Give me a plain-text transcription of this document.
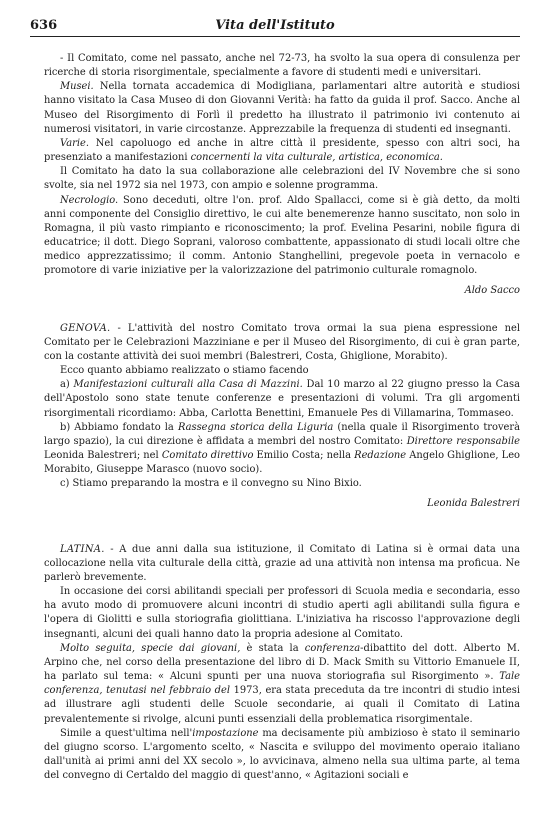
636	Vita dell'Istituto

- Il Comitato, come nel passato, anche nel 72-73, ha svolto la sua opera di consulenza per ricerche di storia risorgimentale, specialmente a favore di studenti medi e universitari.

Musei. Nella tornata accademica di Modigliana, parlamentari altre autorità e studiosi hanno visitato la Casa Museo di don Giovanni Verità: ha fatto da guida il prof. Sacco. Anche al Museo del Risorgimento di Forlì il predetto ha illustrato il patrimonio ivi contenuto ai numerosi visitatori, in varie circostanze. Apprezzabile la frequenza di studenti ed insegnanti.

Varie. Nel capoluogo ed anche in altre città il presidente, spesso con altri soci, ha presenziato a manifestazioni concernenti la vita culturale, artistica, economica.

Il Comitato ha dato la sua collaborazione alle celebrazioni del IV Novembre che si sono svolte, sia nel 1972 sia nel 1973, con ampio e solenne programma.

Necrologio. Sono deceduti, oltre l'on. prof. Aldo Spallacci, come si è già detto, da molti anni componente del Consiglio direttivo, le cui alte benemerenze hanno suscitato, non solo in Romagna, il più vasto rimpianto e riconoscimento; la prof. Evelina Pesarini, nobile figura di educatrice; il dott. Diego Soprani, valoroso combattente, appassionato di studi locali oltre che medico apprezzatissimo; il comm. Antonio Stanghellini, pregevole poeta in vernacolo e promotore di varie iniziative per la valorizzazione del patrimonio culturale romagnolo.

Aldo Sacco

GENOVA. - L'attività del nostro Comitato trova ormai la sua piena espressione nel Comitato per le Celebrazioni Mazziniane e per il Museo del Risorgimento, di cui è gran parte, con la costante attività dei suoi membri (Balestreri, Costa, Ghiglione, Morabito).

Ecco quanto abbiamo realizzato o stiamo facendo

a) Manifestazioni culturali alla Casa di Mazzini. Dal 10 marzo al 22 giugno presso la Casa dell'Apostolo sono state tenute conferenze e presentazioni di volumi. Tra gli argomenti risorgimentali ricordiamo: Abba, Carlotta Benettini, Emanuele Pes di Villamarina, Tommaseo.

b) Abbiamo fondato la Rassegna storica della Liguria (nella quale il Risorgimento troverà largo spazio), la cui direzione è affidata a membri del nostro Comitato: Direttore responsabile Leonida Balestreri; nel Comitato direttivo Emilio Costa; nella Redazione Angelo Ghiglione, Leo Morabito, Giuseppe Marasco (nuovo socio).

c) Stiamo preparando la mostra e il convegno su Nino Bixio.

Leonida Balestreri

LATINA. - A due anni dalla sua istituzione, il Comitato di Latina si è ormai data una collocazione nella vita culturale della città, grazie ad una attività non intensa ma proficua. Ne parlerò brevemente.

In occasione dei corsi abilitandi speciali per professori di Scuola media e secondaria, esso ha avuto modo di promuovere alcuni incontri di studio aperti agli abilitandi sulla figura e l'opera di Giolitti e sulla storiografia giolittiana. L'iniziativa ha riscosso l'approvazione degli insegnanti, alcuni dei quali hanno dato la propria adesione al Comitato.

Molto seguita, specie dai giovani, è stata la conferenza-dibattito del dott. Alberto M. Arpino che, nel corso della presentazione del libro di D. Mack Smith su Vittorio Emanuele II, ha parlato sul tema: « Alcuni spunti per una nuova storiografia sul Risorgimento ». Tale conferenza, tenutasi nel febbraio del 1973, era stata preceduta da tre incontri di studio intesi ad illustrare agli studenti delle Scuole secondarie, ai quali il Comitato di Latina prevalentemente si rivolge, alcuni punti essenziali della problematica risorgimentale.

Simile a quest'ultima nell'impostazione ma decisamente più ambizioso è stato il seminario del giugno scorso. L'argomento scelto, « Nascita e sviluppo del movimento operaio italiano dall'unità ai primi anni del XX secolo », lo avvicinava, almeno nella sua ultima parte, al tema del convegno di Certaldo del maggio di quest'anno, « Agitazioni sociali e
